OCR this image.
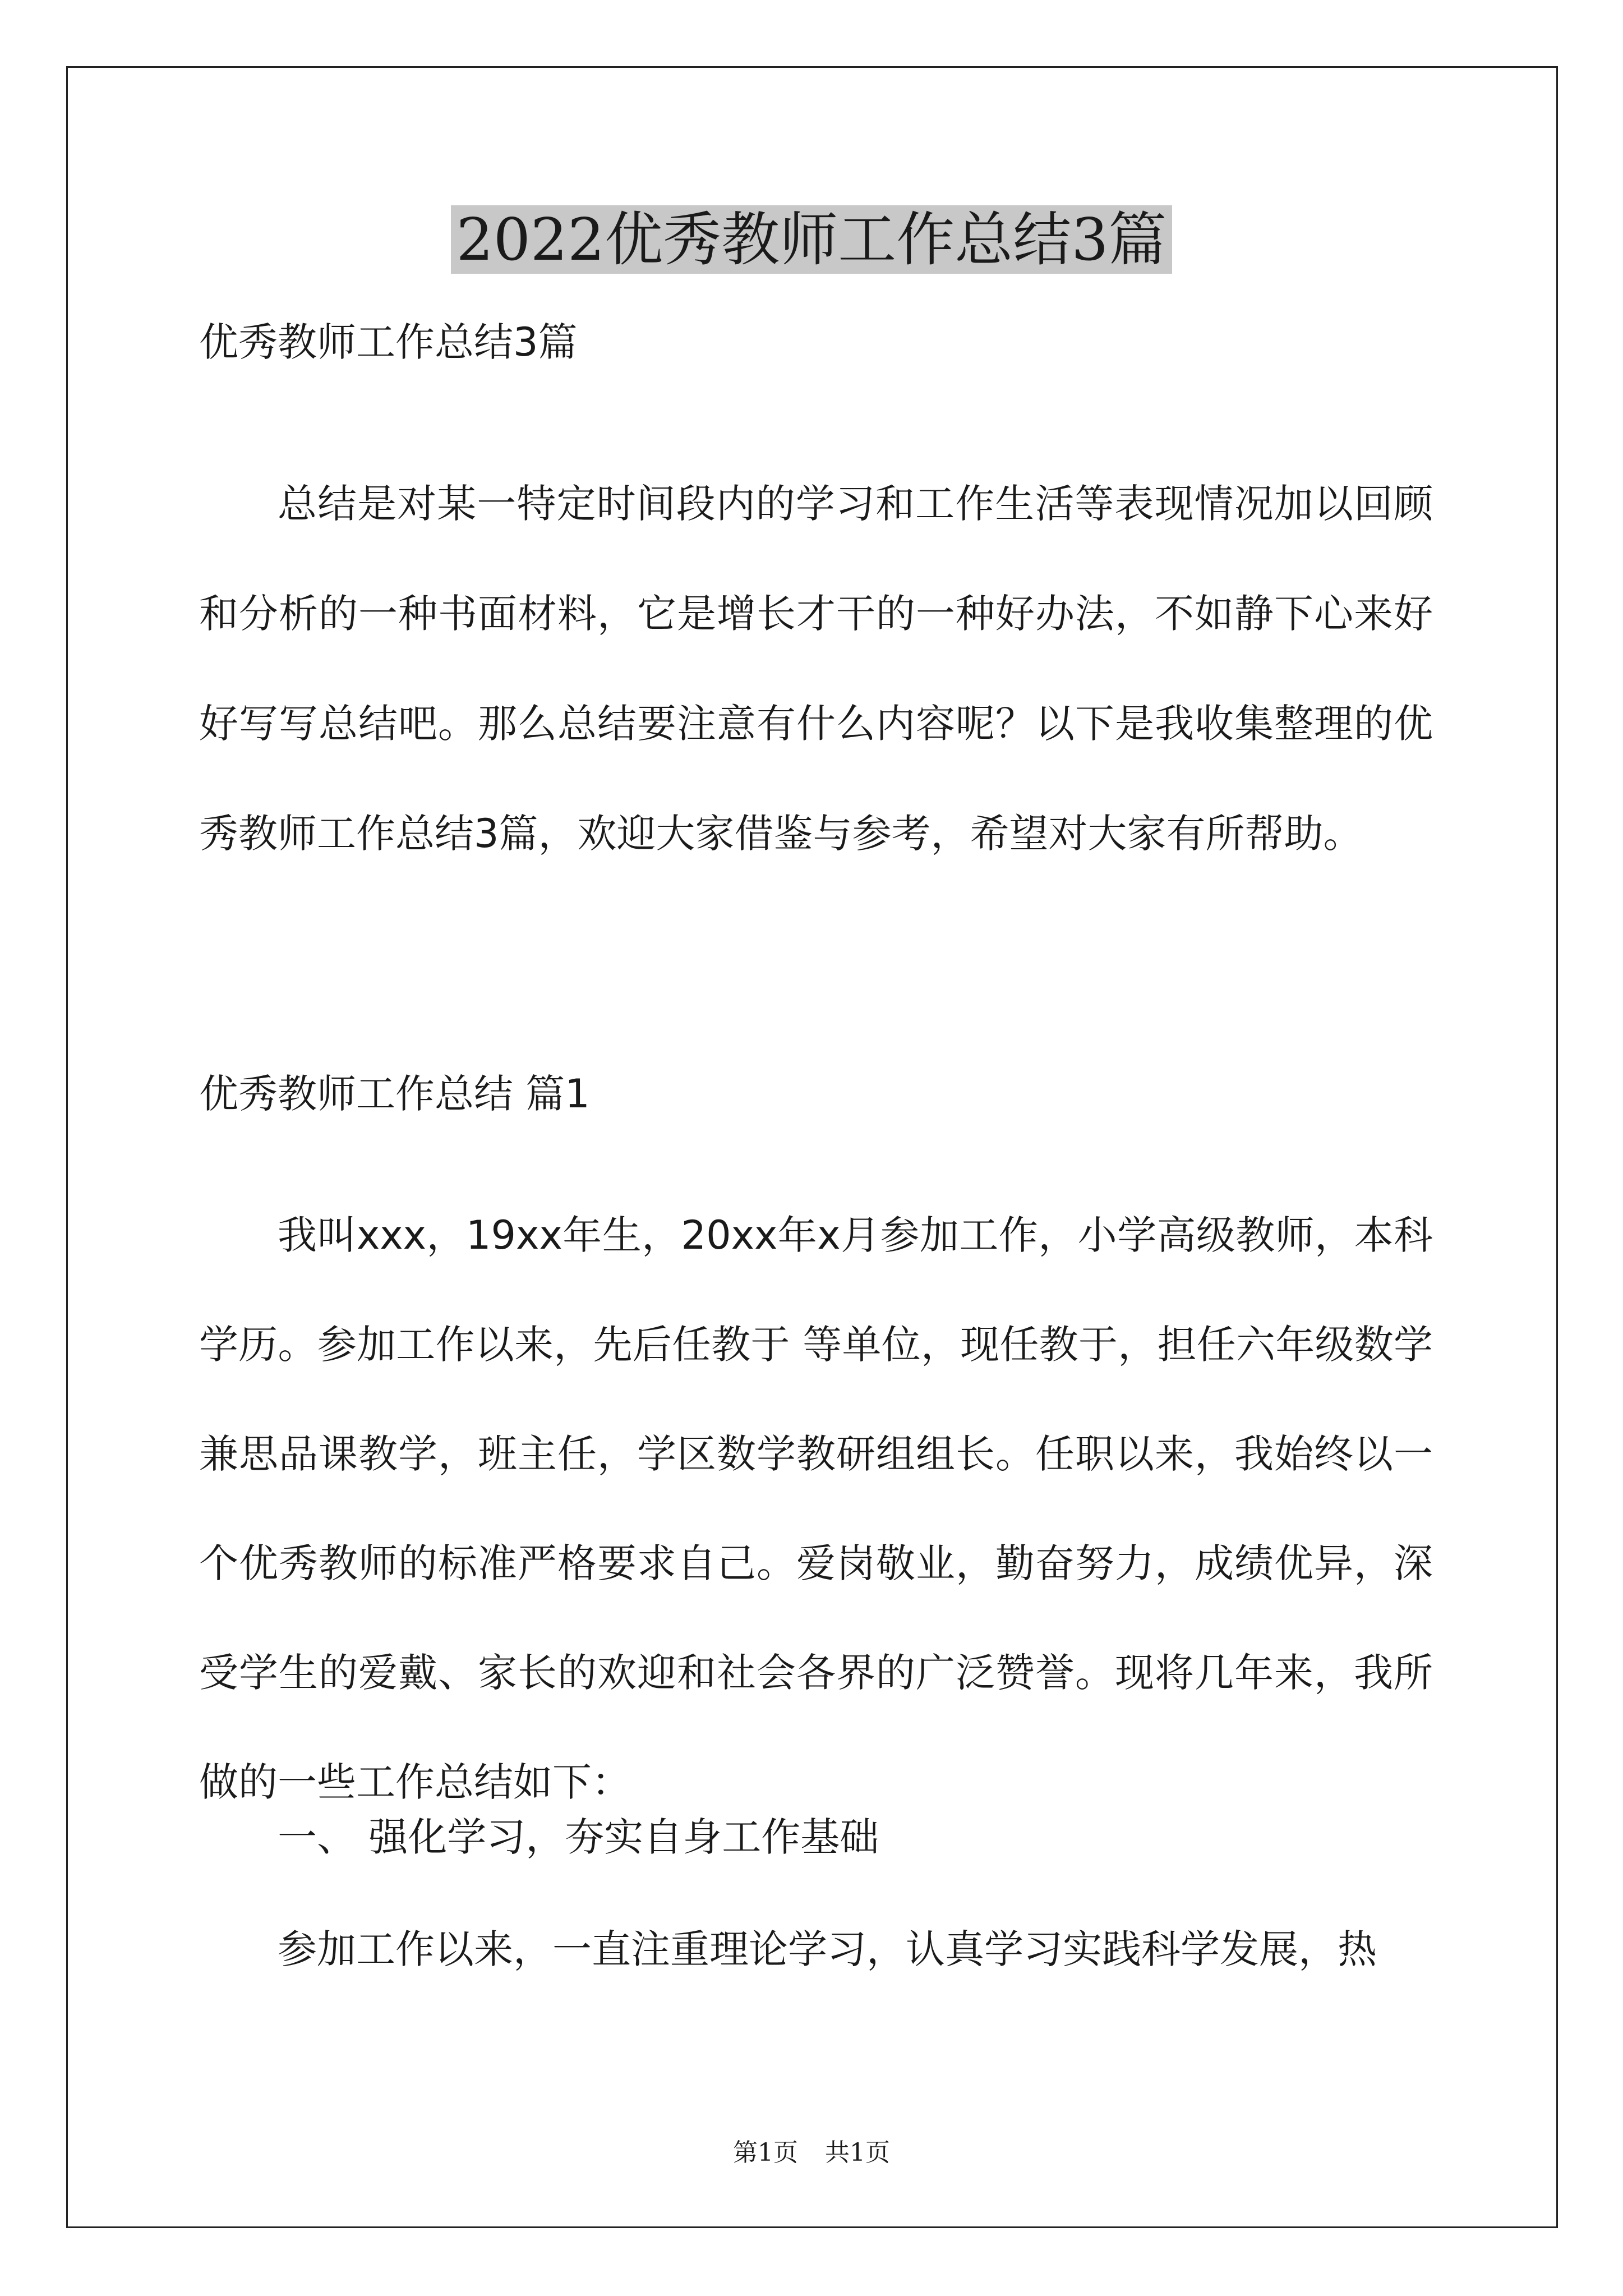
2022优秀教师工作总结3篇

优秀教师工作总结3篇

总结是对某一特定时间段内的学习和工作生活等表现情况加以回顾和分析的一种书面材料，它是增长才干的一种好办法，不如静下心来好好写写总结吧。那么总结要注意有什么内容呢？以下是我收集整理的优秀教师工作总结3篇，欢迎大家借鉴与参考，希望对大家有所帮助。

优秀教师工作总结 篇1

我叫xxx，19xx年生，20xx年x月参加工作，小学高级教师，本科学历。参加工作以来，先后任教于 等单位，现任教于，担任六年级数学兼思品课教学，班主任，学区数学教研组组长。任职以来，我始终以一个优秀教师的标准严格要求自己。爱岗敬业，勤奋努力，成绩优异，深受学生的爱戴、家长的欢迎和社会各界的广泛赞誉。现将几年来，我所做的一些工作总结如下：

一、 强化学习，夯实自身工作基础

参加工作以来，一直注重理论学习，认真学习实践科学发展，热

第1页 共1页
